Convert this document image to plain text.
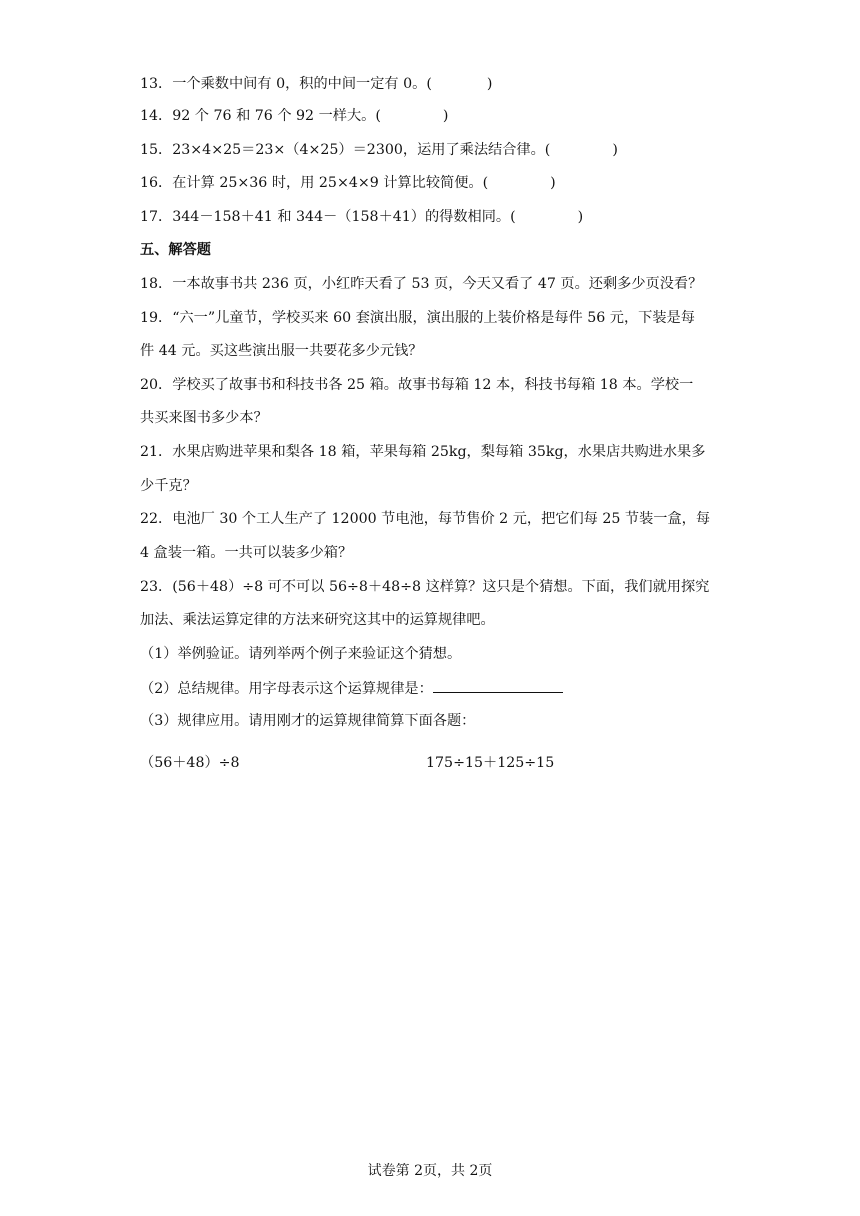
13．一个乘数中间有 0，积的中间一定有 0。(	)
14．92 个 76 和 76 个 92 一样大。(	)
15．23×4×25＝23×（4×25）＝2300，运用了乘法结合律。(	)
16．在计算 25×36 时，用 25×4×9 计算比较简便。(	)
17．344－158＋41 和 344－（158＋41）的得数相同。(	)
五、解答题
18．一本故事书共 236 页，小红昨天看了 53 页，今天又看了 47 页。还剩多少页没看？
19．“六一”儿童节，学校买来 60 套演出服，演出服的上装价格是每件 56 元，下装是每
件 44 元。买这些演出服一共要花多少元钱？
20．学校买了故事书和科技书各 25 箱。故事书每箱 12 本，科技书每箱 18 本。学校一
共买来图书多少本？
21．水果店购进苹果和梨各 18 箱，苹果每箱 25kg，梨每箱 35kg，水果店共购进水果多
少千克？
22．电池厂 30 个工人生产了 12000 节电池，每节售价 2 元，把它们每 25 节装一盒，每
4 盒装一箱。一共可以装多少箱？
23．(56＋48）÷8 可不可以 56÷8＋48÷8 这样算？这只是个猜想。下面，我们就用探究
加法、乘法运算定律的方法来研究这其中的运算规律吧。
（1）举例验证。请列举两个例子来验证这个猜想。
（2）总结规律。用字母表示这个运算规律是：
（3）规律应用。请用刚才的运算规律简算下面各题：
（56＋48）÷8	175÷15＋125÷15
试卷第 2页，共 2页
